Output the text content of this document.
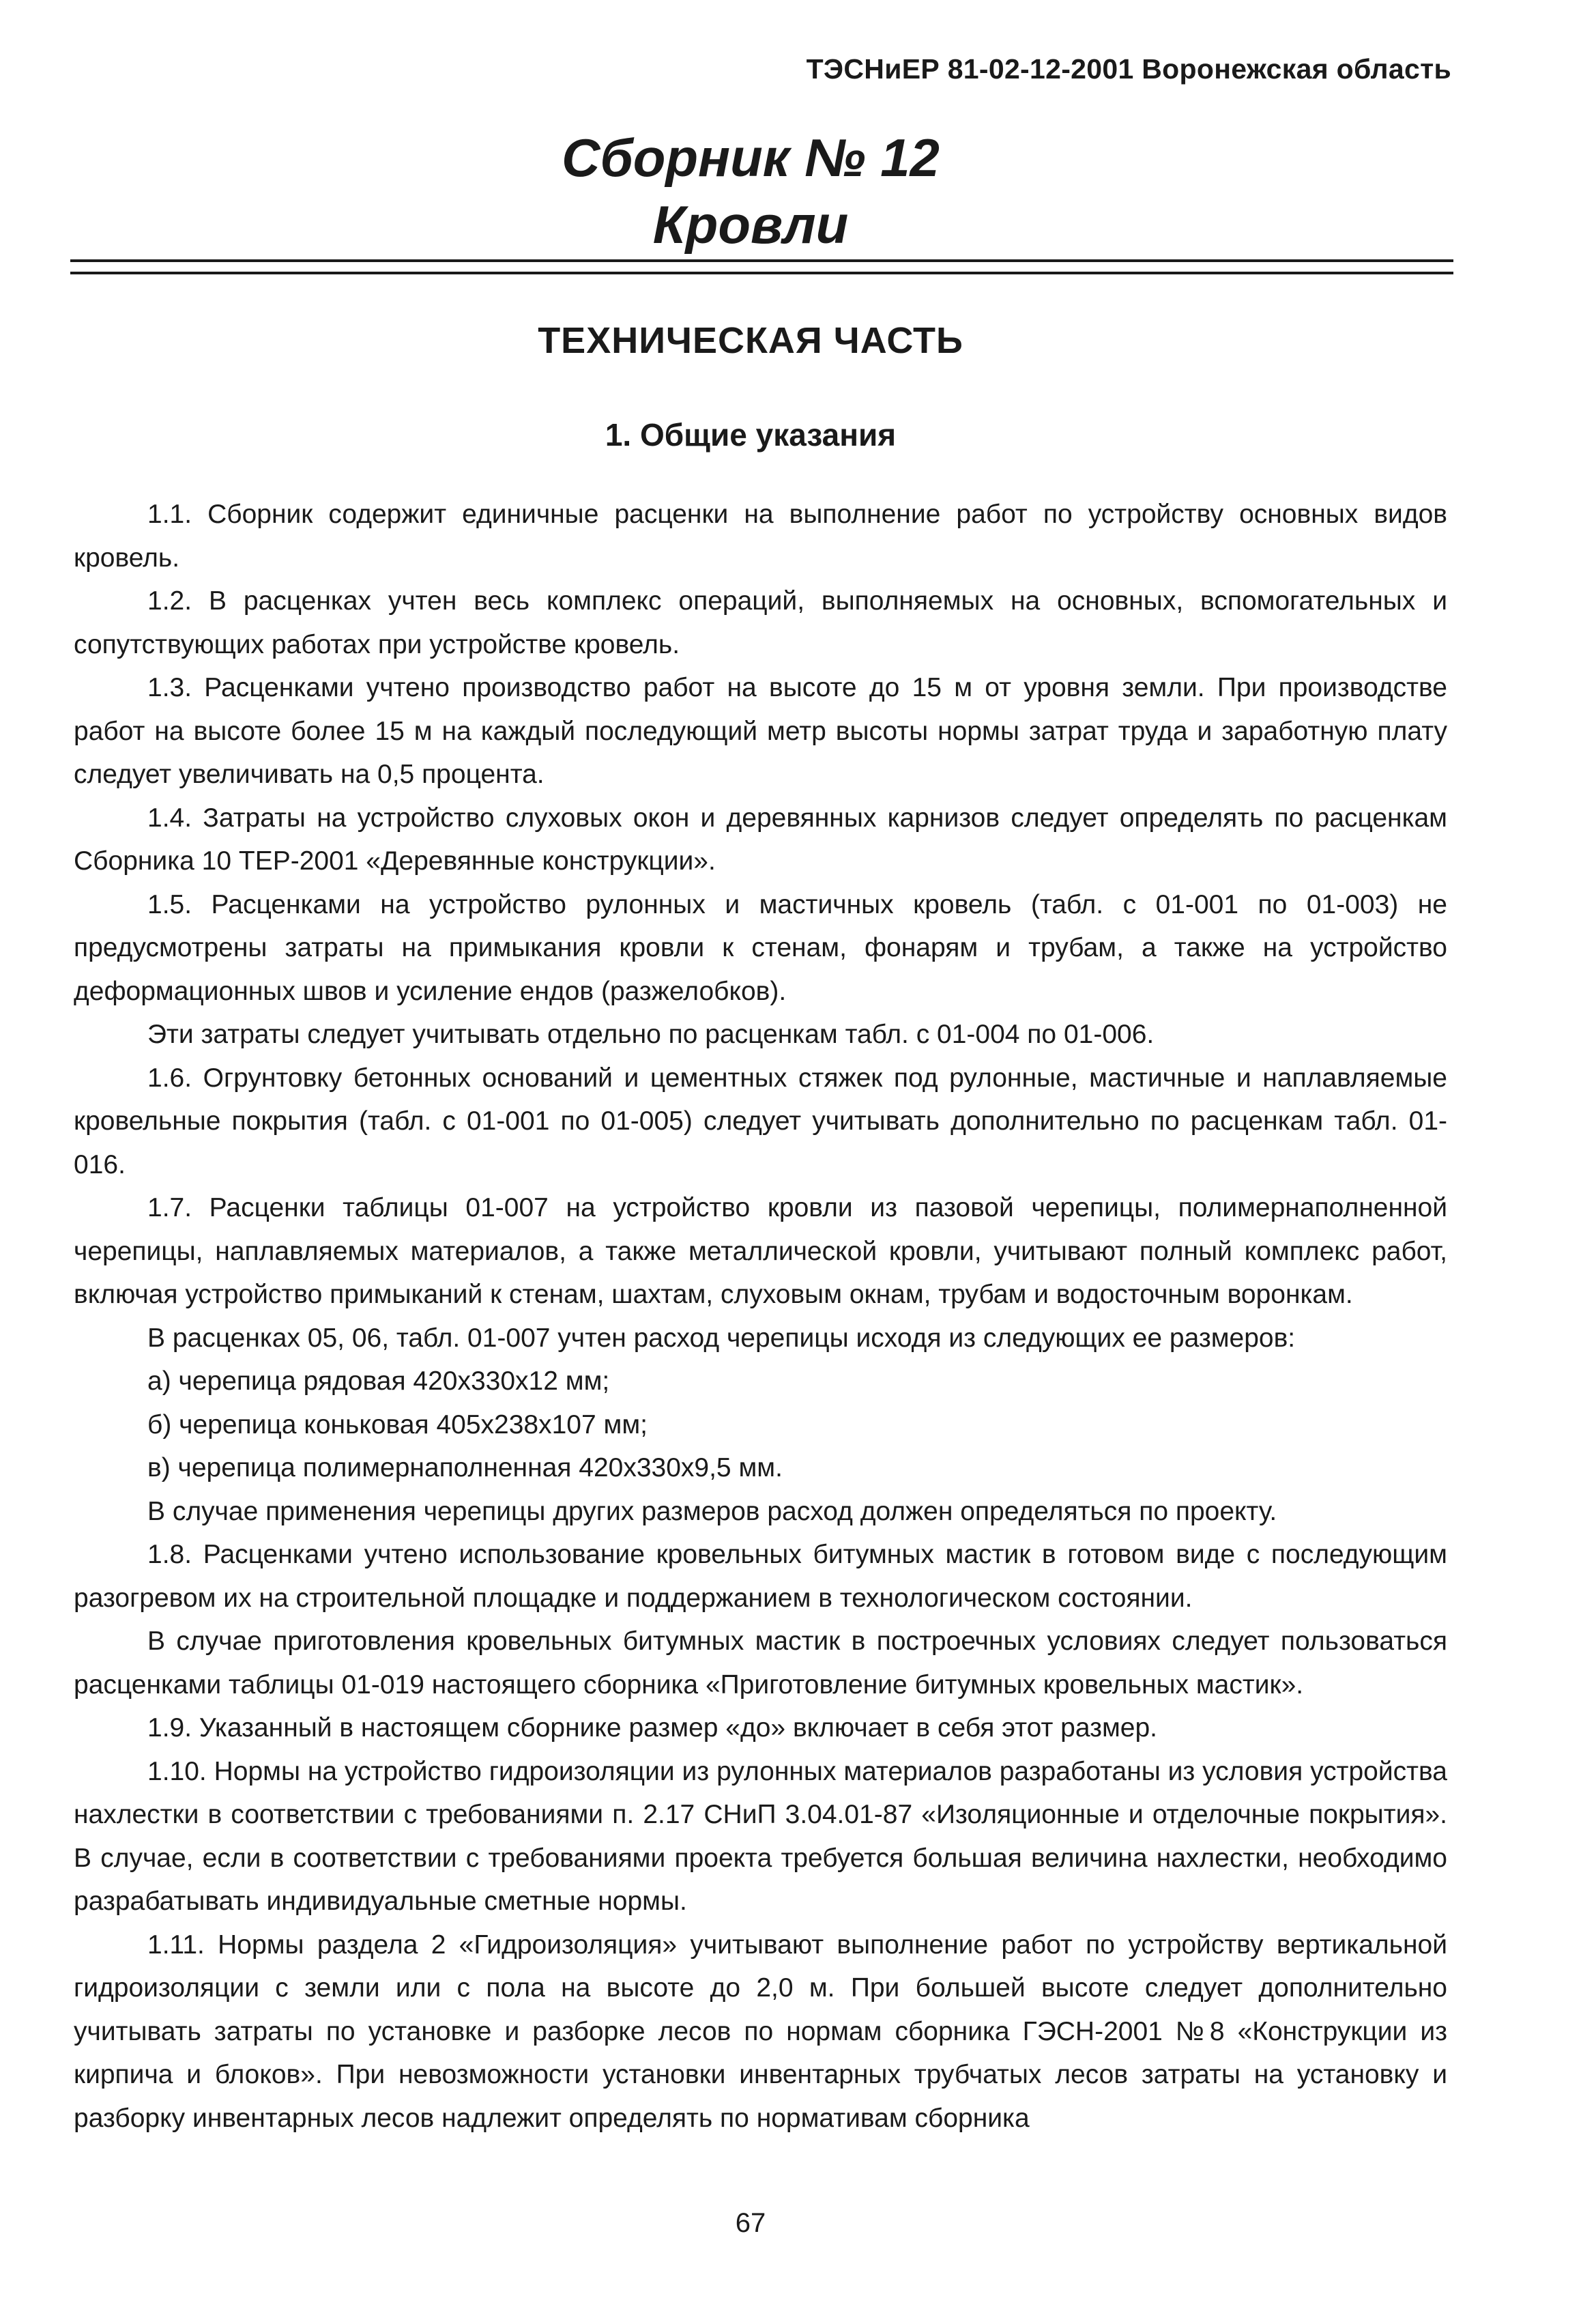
ТЭСНиЕР 81-02-12-2001 Воронежская область
Сборник № 12
Кровли
ТЕХНИЧЕСКАЯ ЧАСТЬ
1. Общие указания

1.1. Сборник содержит единичные расценки на выполнение работ по устройству основных видов кровель.

1.2. В расценках учтен весь комплекс операций, выполняемых на основных, вспомогательных и сопутствующих работах при устройстве кровель.

1.3. Расценками учтено производство работ на высоте до 15 м от уровня земли. При производстве работ на высоте более 15 м на каждый последующий метр высоты нормы затрат труда и заработную плату следует увеличивать на 0,5 процента.

1.4. Затраты на устройство слуховых окон и деревянных карнизов следует определять по расценкам Сборника 10 ТЕР-2001 «Деревянные конструкции».

1.5. Расценками на устройство рулонных и мастичных кровель (табл. с 01-001 по 01-003) не предусмотрены затраты на примыкания кровли к стенам, фонарям и трубам, а также на устройство деформационных швов и усиление ендов (разжелобков).

Эти затраты следует учитывать отдельно по расценкам табл. с 01-004 по 01-006.

1.6. Огрунтовку бетонных оснований и цементных стяжек под рулонные, мастичные и наплавляемые кровельные покрытия (табл. с 01-001 по 01-005) следует учитывать дополнительно по расценкам табл. 01-016.

1.7. Расценки таблицы 01-007 на устройство кровли из пазовой черепицы, полимернаполненной черепицы, наплавляемых материалов, а также металлической кровли, учитывают полный комплекс работ, включая устройство примыканий к стенам, шахтам, слуховым окнам, трубам и водосточным воронкам.

В расценках 05, 06, табл. 01-007 учтен расход черепицы исходя из следующих ее размеров:

а) черепица рядовая 420х330х12 мм;

б) черепица коньковая 405х238х107 мм;

в) черепица полимернаполненная 420х330х9,5 мм.

В случае применения черепицы других размеров расход должен определяться по проекту.

1.8. Расценками учтено использование кровельных битумных мастик в готовом виде с последующим разогревом их на строительной площадке и поддержанием в технологическом состоянии.

В случае приготовления кровельных битумных мастик в построечных условиях следует пользоваться расценками таблицы 01-019 настоящего сборника «Приготовление битумных кровельных мастик».

1.9. Указанный в настоящем сборнике размер «до» включает в себя этот размер.

1.10. Нормы на устройство гидроизоляции из рулонных материалов разработаны из условия устройства нахлестки в соответствии с требованиями п. 2.17 СНиП 3.04.01-87 «Изоляционные и отделочные покрытия». В случае, если в соответствии с требованиями проекта требуется большая величина нахлестки, необходимо разрабатывать индивидуальные сметные нормы.

1.11. Нормы раздела 2 «Гидроизоляция» учитывают выполнение работ по устройству вертикальной гидроизоляции с земли или с пола на высоте до 2,0 м. При большей высоте следует дополнительно учитывать затраты по установке и разборке лесов по нормам сборника ГЭСН-2001 №8 «Конструкции из кирпича и блоков». При невозможности установки инвентарных трубчатых лесов затраты на установку и разборку инвентарных лесов надлежит определять по нормативам сборника

67
